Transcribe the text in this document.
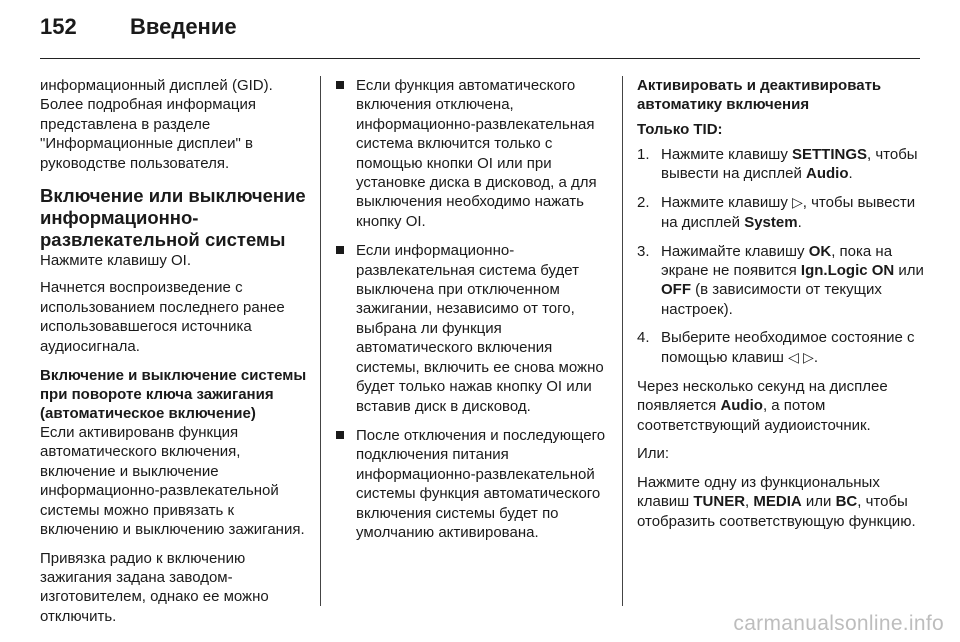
152	Введение

информационный дисплей (GID). Более подробная информация представлена в разделе "Информационные дисплеи" в руководстве пользователя.

Включение или выключение информационно-развлекательной системы

Нажмите клавишу OI.

Начнется воспроизведение с использованием последнего ранее использовавшегося источника аудиосигнала.

Включение и выключение системы при повороте ключа зажигания (автоматическое включение)

Если активированв функция автоматического включения, включение и выключение информационно-развлекательной системы можно привязать к включению и выключению зажигания.

Привязка радио к включению зажигания задана заводом-изготовителем, однако ее можно отключить.

Если функция автоматического включения отключена, информационно-развлекательная система включится только с помощью кнопки OI или при установке диска в дисковод, а для выключения необходимо нажать кнопку OI.
Если информационно-развлекательная система будет выключена при отключенном зажигании, независимо от того, выбрана ли функция автоматического включения системы, включить ее снова можно будет только нажав кнопку OI или вставив диск в дисковод.
После отключения и последующего подключения питания информационно-развлекательной системы функция автоматического включения системы будет по умолчанию активирована.
Активировать и деактивировать автоматику включения
Только TID:
1. Нажмите клавишу SETTINGS, чтобы вывести на дисплей Audio.
2. Нажмите клавишу ▷, чтобы вывести на дисплей System.
3. Нажимайте клавишу OK, пока на экране не появится Ign.Logic ON или OFF (в зависимости от текущих настроек).
4. Выберите необходимое состояние с помощью клавиш ◁ ▷.

Через несколько секунд на дисплее появляется Audio, а потом соответствующий аудиоисточник.

Или:

Нажмите одну из функциональных клавиш TUNER, MEDIA или BC, чтобы отобразить соответствующую функцию.

carmanualsonline.info
